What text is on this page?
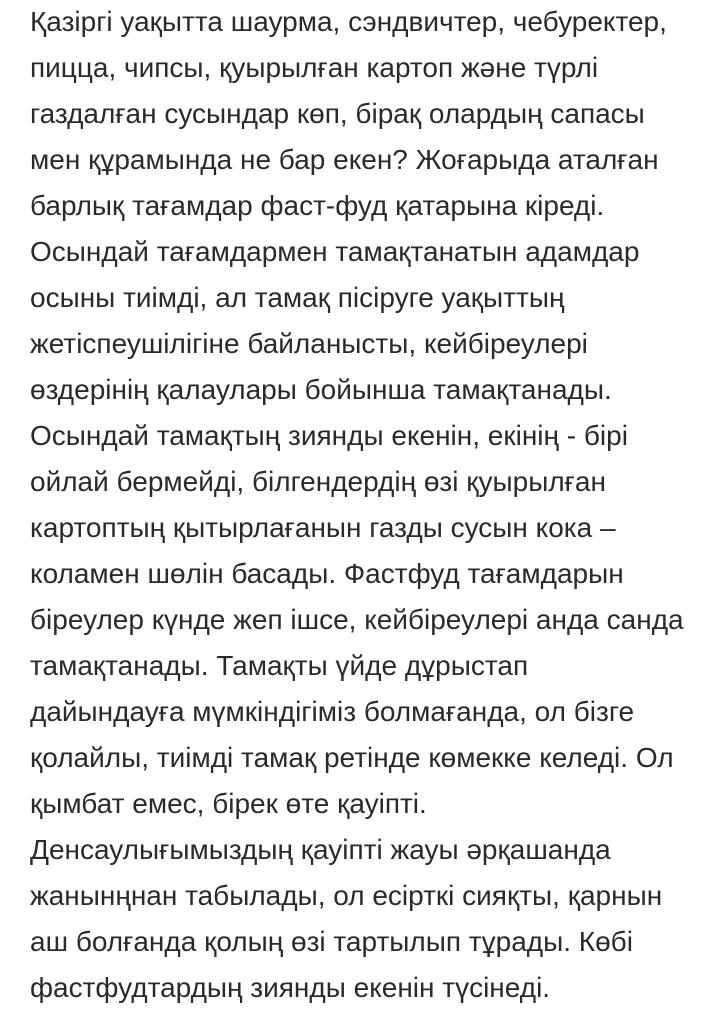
Қазіргі уақытта шаурма, сэндвичтер, чебуректер,
пицца, чипсы, қуырылған картоп және түрлі
газдалған сусындар көп, бірақ олардың сапасы
мен құрамында не бар екен? Жоғарыда аталған
барлық тағамдар фаст-фуд қатарына кіреді.
Осындай тағамдармен тамақтанатын адамдар
осыны тиімді, ал тамақ пісіруге уақыттың
жетіспеушілігіне байланысты, кейбіреулері
өздерінің қалаулары бойынша тамақтанады.
Осындай тамақтың зиянды екенін, екінің - бірі
ойлай бермейді, білгендердің өзі қуырылған
картоптың қытырлағанын газды сусын кока –
коламен шөлін басады. Фастфуд тағамдарын
біреулер күнде жеп ішсе, кейбіреулері анда санда
тамақтанады. Тамақты үйде дұрыстап
дайындауға мүмкіндігіміз болмағанда, ол бізге
қолайлы, тиімді тамақ ретінде көмекке келеді. Ол
қымбат емес, бірек өте қауіпті.
Денсаулығымыздың қауіпті жауы әрқашанда
жанынңнан табылады, ол есірткі сияқты, қарнын
аш болғанда қолың өзі тартылып тұрады. Көбі
фастфудтардың зиянды екенін түсінеді.
